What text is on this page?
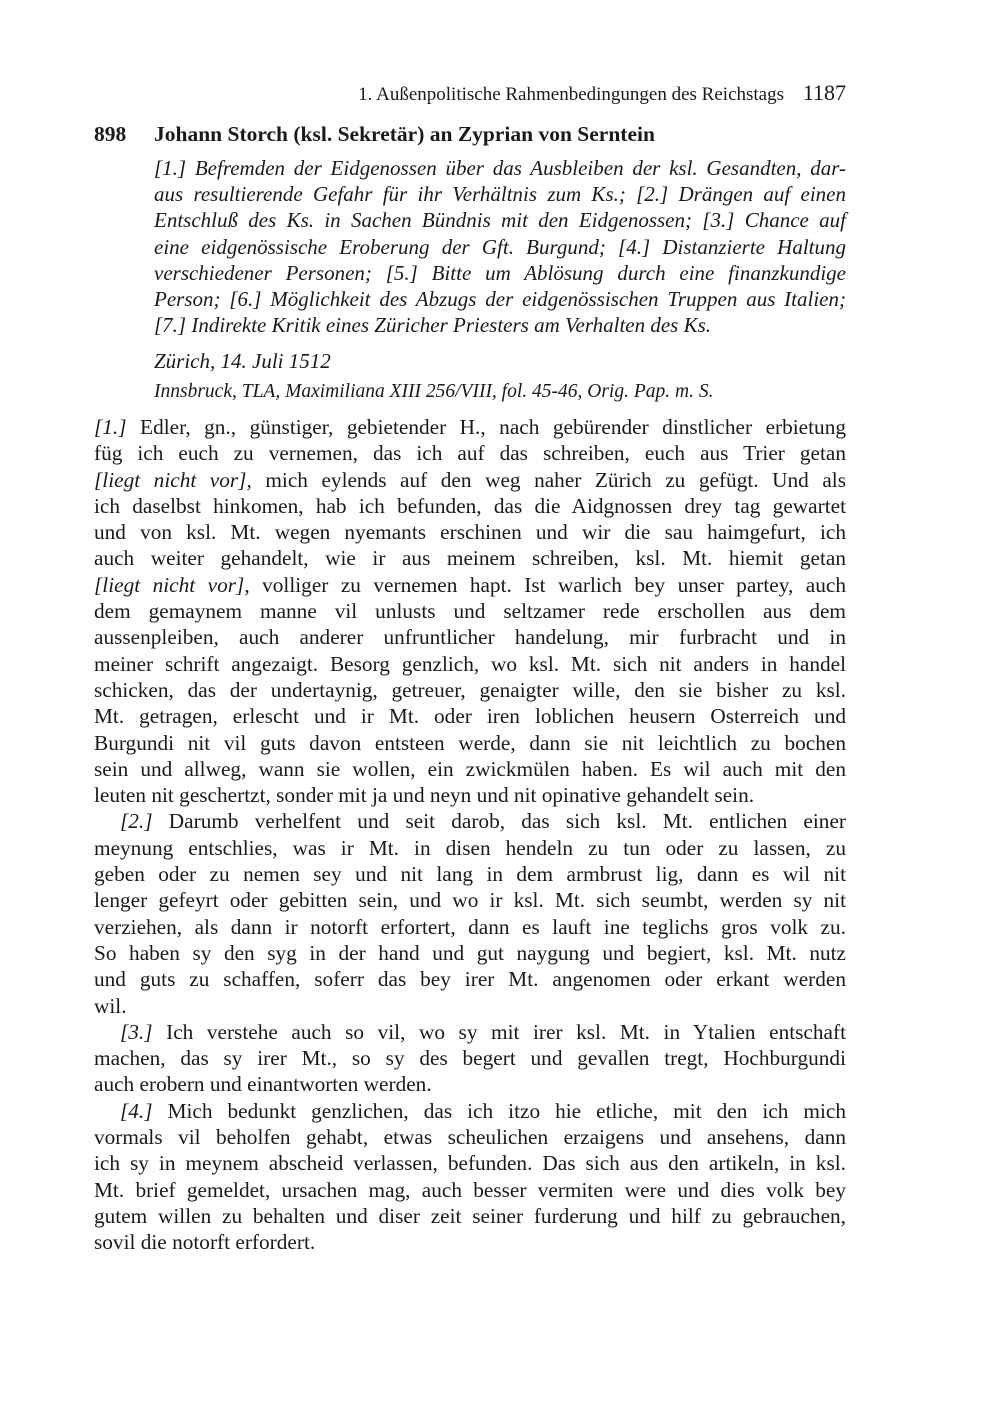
1. Außenpolitische Rahmenbedingungen des Reichstags 1187
898 Johann Storch (ksl. Sekretär) an Zyprian von Serntein
[1.] Befremden der Eidgenossen über das Ausbleiben der ksl. Gesandten, dar-
aus resultierende Gefahr für ihr Verhältnis zum Ks.; [2.] Drängen auf einen
Entschluß des Ks. in Sachen Bündnis mit den Eidgenossen; [3.] Chance auf
eine eidgenössische Eroberung der Gft. Burgund; [4.] Distanzierte Haltung
verschiedener Personen; [5.] Bitte um Ablösung durch eine finanzkundige
Person; [6.] Möglichkeit des Abzugs der eidgenössischen Truppen aus Italien;
[7.] Indirekte Kritik eines Züricher Priesters am Verhalten des Ks.
Zürich, 14. Juli 1512
Innsbruck, TLA, Maximiliana XIII 256/VIII, fol. 45-46, Orig. Pap. m. S.
[1.] Edler, gn., günstiger, gebietender H., nach gebürender dinstlicher erbietung
füg ich euch zu vernemen, das ich auf das schreiben, euch aus Trier getan
[liegt nicht vor], mich eylends auf den weg naher Zürich zu gefügt. Und als
ich daselbst hinkomen, hab ich befunden, das die Aidgnossen drey tag gewartet
und von ksl. Mt. wegen nyemants erschinen und wir die sau haimgefurt, ich
auch weiter gehandelt, wie ir aus meinem schreiben, ksl. Mt. hiemit getan
[liegt nicht vor], volliger zu vernemen hapt. Ist warlich bey unser partey, auch
dem gemaynem manne vil unlusts und seltzamer rede erschollen aus dem
aussenpleiben, auch anderer unfruntlicher handelung, mir furbracht und in
meiner schrift angezaigt. Besorg genzlich, wo ksl. Mt. sich nit anders in handel
schicken, das der undertaynig, getreuer, genaigter wille, den sie bisher zu ksl.
Mt. getragen, erlescht und ir Mt. oder iren loblichen heusern Osterreich und
Burgundi nit vil guts davon entsteen werde, dann sie nit leichtlich zu bochen
sein und allweg, wann sie wollen, ein zwickmülen haben. Es wil auch mit den
leuten nit geschertzt, sonder mit ja und neyn und nit opinative gehandelt sein.
[2.] Darumb verhelfent und seit darob, das sich ksl. Mt. entlichen einer
meynung entschlies, was ir Mt. in disen hendeln zu tun oder zu lassen, zu
geben oder zu nemen sey und nit lang in dem armbrust lig, dann es wil nit
lenger gefeyrt oder gebitten sein, und wo ir ksl. Mt. sich seumbt, werden sy nit
verziehen, als dann ir notorft erfortert, dann es lauft ine teglichs gros volk zu.
So haben sy den syg in der hand und gut naygung und begiert, ksl. Mt. nutz
und guts zu schaffen, soferr das bey irer Mt. angenomen oder erkant werden
wil.
[3.] Ich verstehe auch so vil, wo sy mit irer ksl. Mt. in Ytalien entschaft
machen, das sy irer Mt., so sy des begert und gevallen tregt, Hochburgundi
auch erobern und einantworten werden.
[4.] Mich bedunkt genzlichen, das ich itzo hie etliche, mit den ich mich
vormals vil beholfen gehabt, etwas scheulichen erzaigens und ansehens, dann
ich sy in meynem abscheid verlassen, befunden. Das sich aus den artikeln, in ksl.
Mt. brief gemeldet, ursachen mag, auch besser vermiten were und dies volk bey
gutem willen zu behalten und diser zeit seiner furderung und hilf zu gebrauchen,
sovil die notorft erfordert.
